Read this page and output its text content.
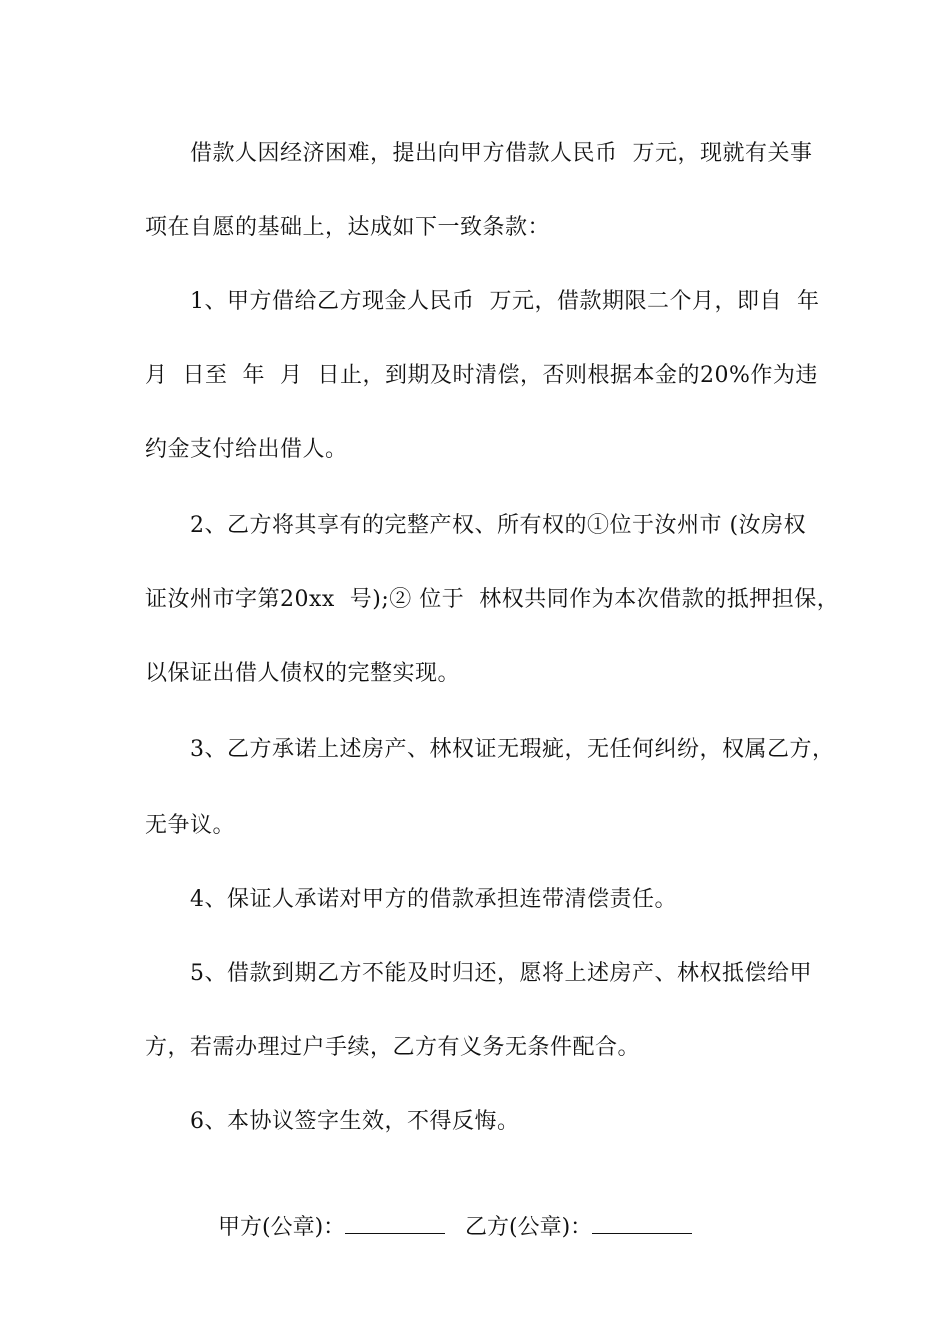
借款人因经济困难，提出向甲方借款人民币  万元，现就有关事
项在自愿的基础上，达成如下一致条款：
1、甲方借给乙方现金人民币  万元，借款期限二个月，即自  年
月  日至  年  月  日止，到期及时清偿，否则根据本金的20%作为违
约金支付给出借人。
2、乙方将其享有的完整产权、所有权的①位于汝州市 (汝房权
证汝州市字第20xx  号);② 位于  林权共同作为本次借款的抵押担保，
以保证出借人债权的完整实现。
3、乙方承诺上述房产、林权证无瑕疵，无任何纠纷，权属乙方，
无争议。
4、保证人承诺对甲方的借款承担连带清偿责任。
5、借款到期乙方不能及时归还，愿将上述房产、林权抵偿给甲
方，若需办理过户手续，乙方有义务无条件配合。
6、本协议签字生效，不得反悔。

甲方(公章)：
	乙方(公章)：
